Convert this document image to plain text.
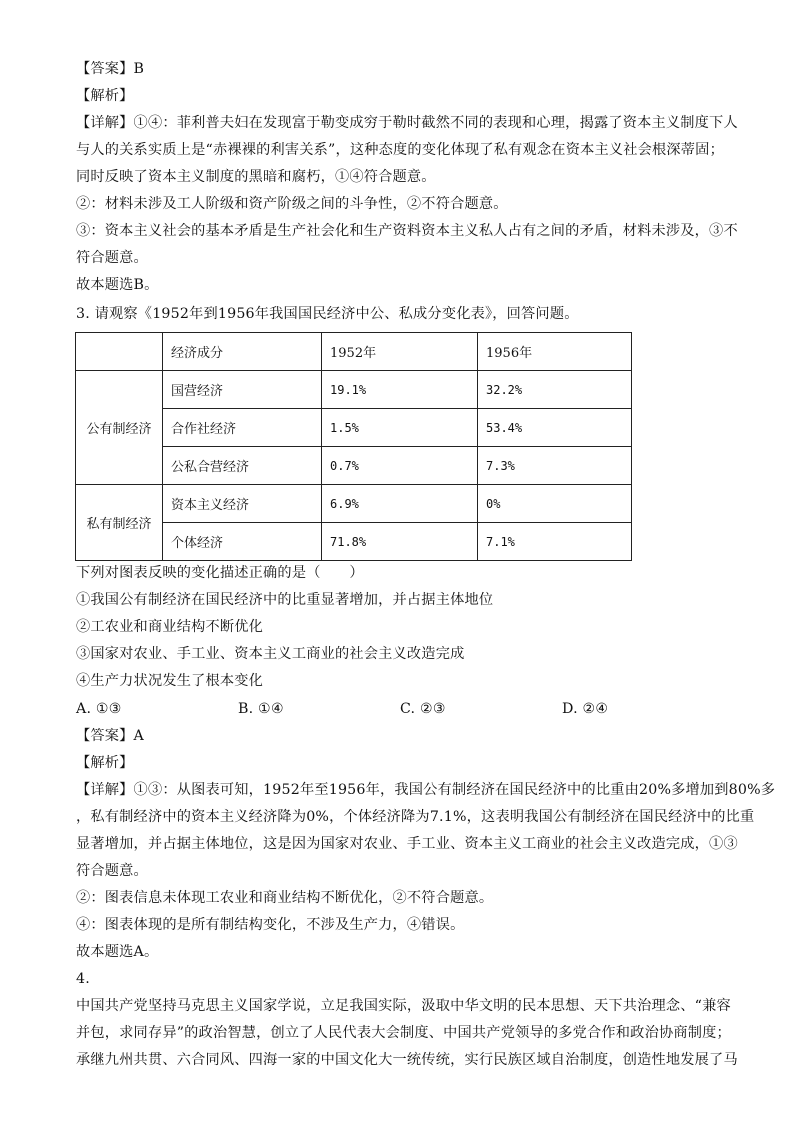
【答案】B
【解析】
【详解】①④：菲利普夫妇在发现富于勒变成穷于勒时截然不同的表现和心理，揭露了资本主义制度下人
与人的关系实质上是“赤裸裸的利害关系”，这种态度的变化体现了私有观念在资本主义社会根深蒂固；
同时反映了资本主义制度的黑暗和腐朽，①④符合题意。
②：材料未涉及工人阶级和资产阶级之间的斗争性，②不符合题意。
③：资本主义社会的基本矛盾是生产社会化和生产资料资本主义私人占有之间的矛盾，材料未涉及，③不
符合题意。
故本题选B。
3. 请观察《1952年到1956年我国国民经济中公、私成分变化表》，回答问题。
	经济成分	1952年	1956年
公有制经济	国营经济	19.1%	32.2%
	合作社经济	1.5%	53.4%
	公私合营经济	0.7%	7.3%
私有制经济	资本主义经济	6.9%	0%
	个体经济	71.8%	7.1%
下列对图表反映的变化描述正确的是（　　）
①我国公有制经济在国民经济中的比重显著增加，并占据主体地位
②工农业和商业结构不断优化
③国家对农业、手工业、资本主义工商业的社会主义改造完成
④生产力状况发生了根本变化
A. ①③	B. ①④	C. ②③	D. ②④
【答案】A
【解析】
【详解】①③：从图表可知，1952年至1956年，我国公有制经济在国民经济中的比重由20%多增加到80%多
，私有制经济中的资本主义经济降为0%，个体经济降为7.1%，这表明我国公有制经济在国民经济中的比重
显著增加，并占据主体地位，这是因为国家对农业、手工业、资本主义工商业的社会主义改造完成，①③
符合题意。
②：图表信息未体现工农业和商业结构不断优化，②不符合题意。
④：图表体现的是所有制结构变化，不涉及生产力，④错误。
故本题选A。
4.
中国共产党坚持马克思主义国家学说，立足我国实际，汲取中华文明的民本思想、天下共治理念、“兼容
并包，求同存异”的政治智慧，创立了人民代表大会制度、中国共产党领导的多党合作和政治协商制度；
承继九州共贯、六合同风、四海一家的中国文化大一统传统，实行民族区域自治制度，创造性地发展了马
